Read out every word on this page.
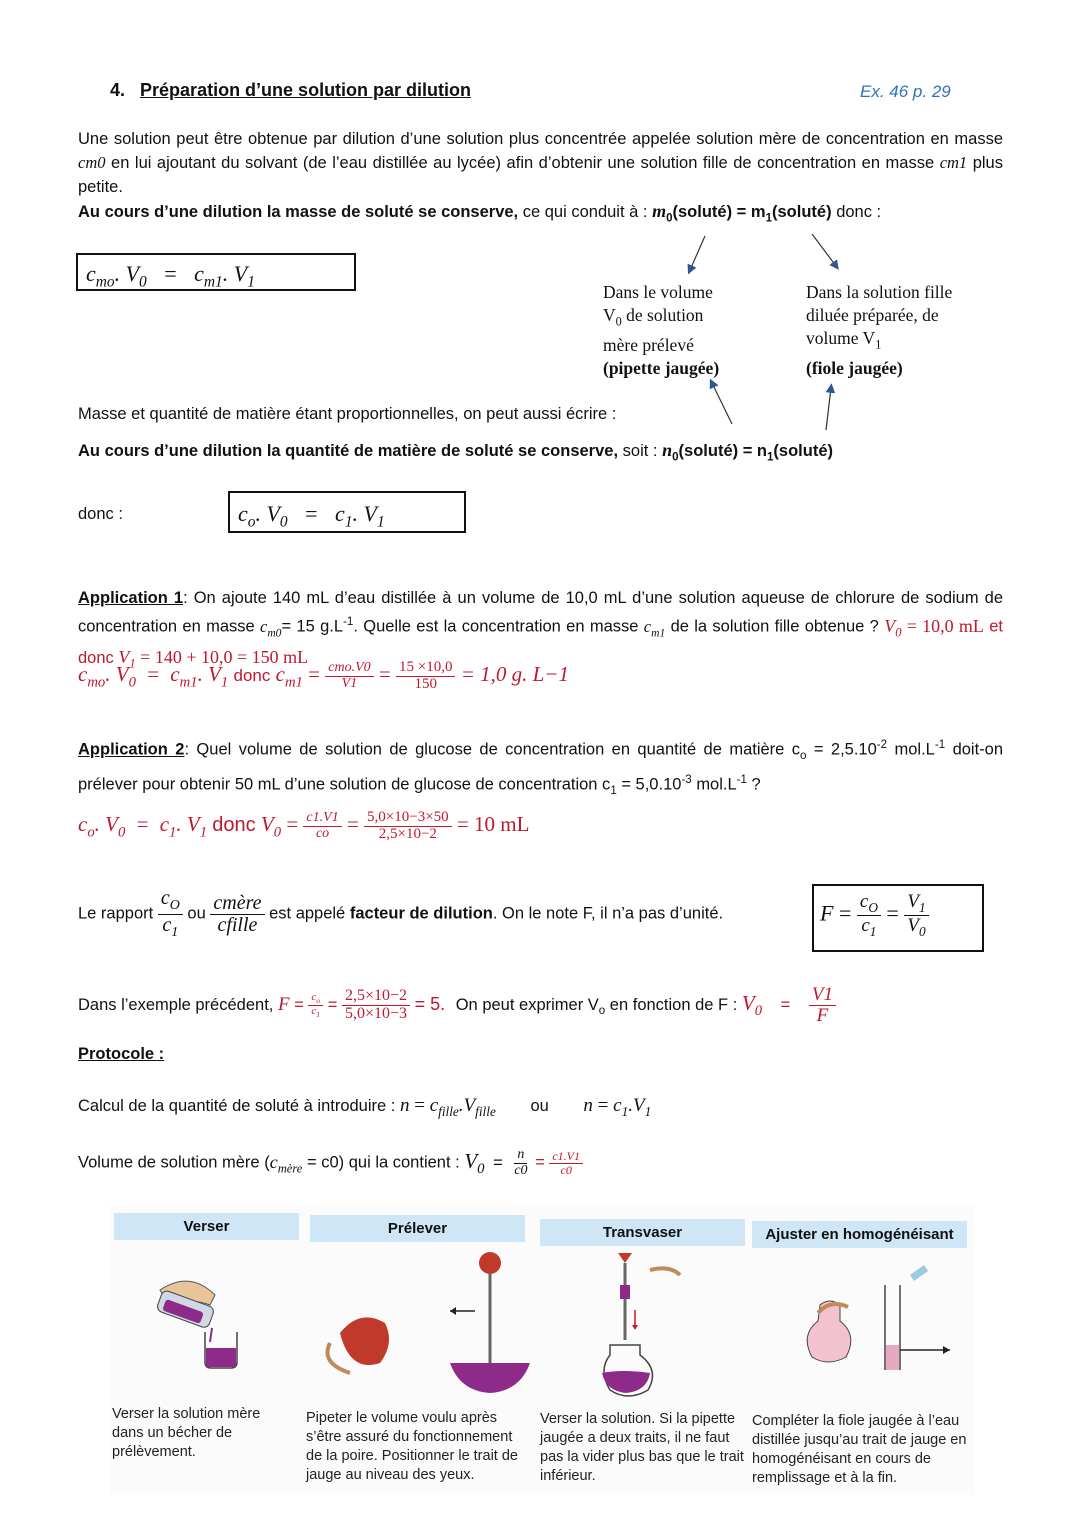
4. Préparation d’une solution par dilution	Ex. 46 p. 29
Une solution peut être obtenue par dilution d’une solution plus concentrée appelée solution mère de concentration en masse cm0 en lui ajoutant du solvant (de l’eau distillée au lycée) afin d’obtenir une solution fille de concentration en masse cm1 plus petite.
Au cours d’une dilution la masse de soluté se conserve, ce qui conduit à : $m_0(soluté)$ = $m_1(soluté)$ donc :
$c_{mo}$. $V_0 = c_{m1}$. $V_1$
Dans le volume
$V_0$ de solution
mère prélevé
(pipette jaugée)
Dans la solution fille
diluée préparée, de
volume $V_1$
(fiole jaugée)
Masse et quantité de matière étant proportionnelles, on peut aussi écrire :
Au cours d’une dilution la quantité de matière de soluté se conserve, soit : $n_0(soluté)$ = $n_1(soluté)$
donc :	$c_o$. $V_0 = c_1$. $V_1$
Application 1: On ajoute 140 mL d’eau distillée à un volume de 10,0 mL d’une solution aqueuse de chlorure de sodium de concentration en masse $c_{m0}= 15$ $g.L^{-1}$. Quelle est la concentration en masse $c_{m1}$ de la solution fille obtenue ? $V_0 = 10,0$ mL et donc $V_1 = 140 + 10,0 = 150$ mL
$c_{mo}$. $V_0 = c_{m1}$. $V_1$ donc $c_{m1} = \frac{\text{cmo.V0}}{V1} = \frac{15 \times 10,0}{150} = 1,0$ g. L−1
Application 2: Quel volume de solution de glucose de concentration en quantité de matière $c_o = 2,5.10^{-2}$ $mol.L^{-1}$ doit-on prélever pour obtenir 50 mL d’une solution de glucose de concentration $c_1 = 5,0.10^{-3}$ $mol.L^{-1}$ ?
$c_o$. $V_0 = c_1$. $V_1$ donc $V_0 = \frac{c1.V1}{co} = \frac{5,0\times 10-3\times 50}{2,5\times 10-2} = 10$ mL
Le rapport $\frac{c_O}{c_1}$ ou $\frac{\text{cmère}}{\text{cfille}}$ est appelé facteur de dilution. On le note F, il n’a pas d’unité.	$F = \frac{c_O}{c_1} = \frac{V_1}{V_0}$
Dans l’exemple précédent, $F = \frac{c_o}{c_1} = \frac{2,5\times 10-2}{5,0\times 10-3} = 5$. On peut exprimer $V_o$ en fonction de F : $V_0 = \frac{V1}{F}$
Protocole :
Calcul de la quantité de soluté à introduire : $n = c_{fille}.V_{fille}$ ou $n = c_1.V_1$
Volume de solution mère $(c_{mère} = c0)$ qui la contient : $V_0 = \frac{n}{c0} = \frac{c1.V1}{c0}$
Verser
Verser la solution mère dans un bécher de prélèvement.
Prélever
Pipeter le volume voulu après s’être assuré du fonctionnement de la poire. Positionner le trait de jauge au niveau des yeux.
Transvaser
Verser la solution. Si la pipette jaugée a deux traits, il ne faut pas la vider plus bas que le trait inférieur.
Ajuster en homogénéisant
Compléter la fiole jaugée à l’eau distillée jusqu’au trait de jauge en homogénéisant en cours de remplissage et à la fin.
